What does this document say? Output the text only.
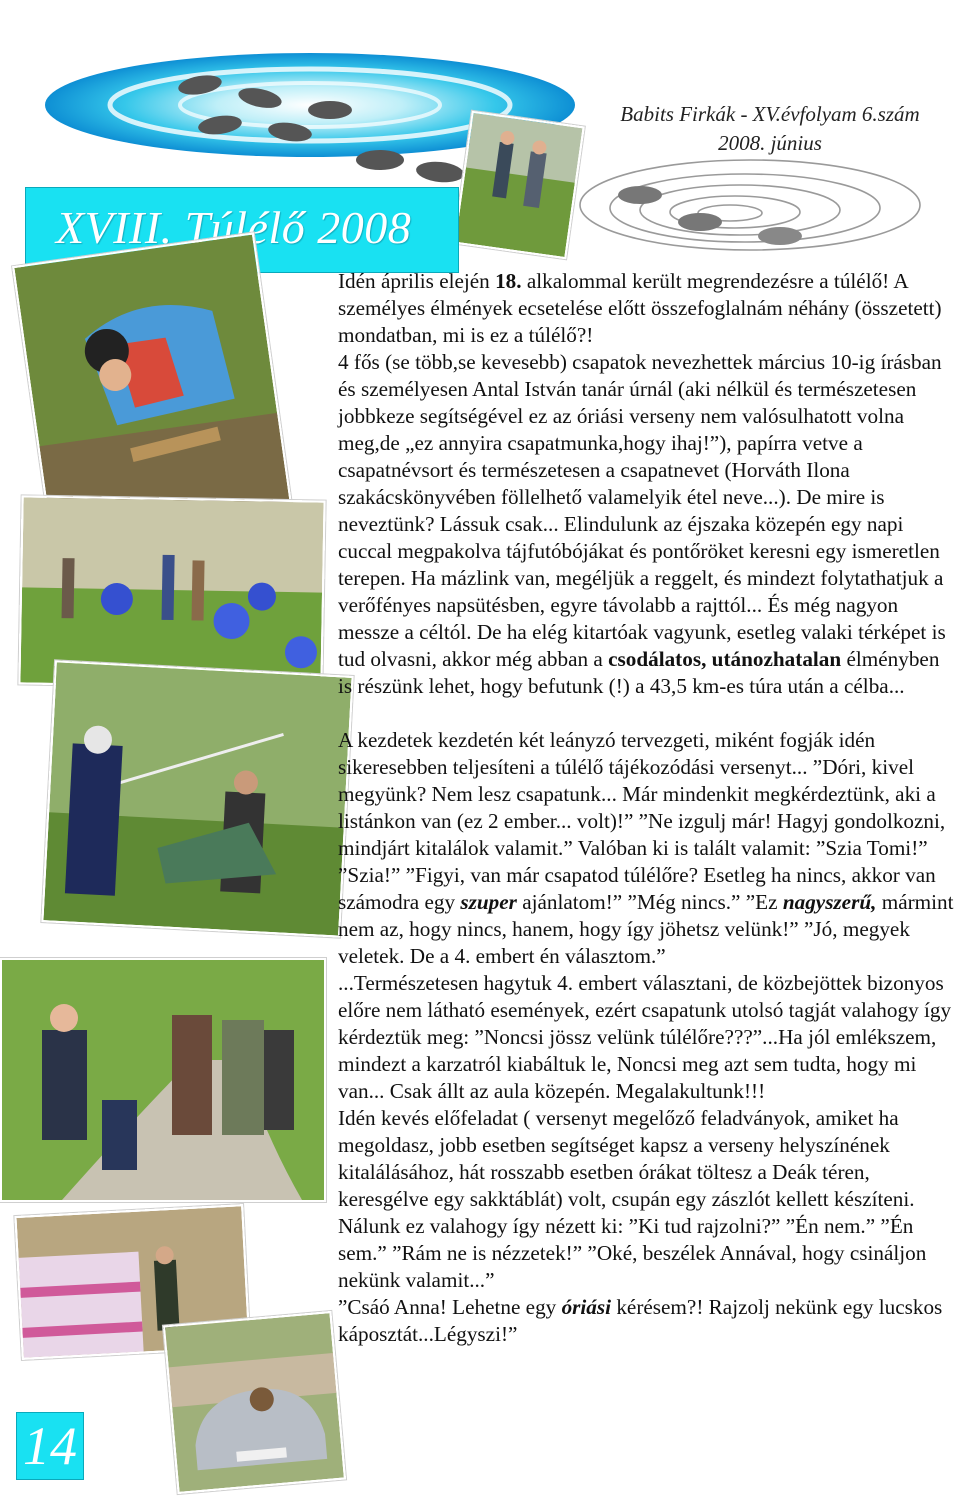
Babits Firkák - XV.évfolyam 6.szám
2008. június
XVIII. Túlélő 2008

Idén április elején 18. alkalommal került megrendezésre a túlélő! A személyes élmények ecsetelése előtt összefoglalnám néhány (összetett) mondatban, mi is ez a túlélő?!

4 fős (se több,se kevesebb) csapatok nevezhettek március 10-ig írásban és személyesen Antal István tanár úrnál (aki nélkül és természetesen jobbkeze segítségével ez az óriási verseny nem valósulhatott volna meg,de „ez annyira csapatmunka,hogy ihaj!”), papírra vetve a csapatnévsort és természetesen a csapatnevet (Horváth Ilona szakácskönyvében föllelhető valamelyik étel neve...). De mire is neveztünk? Lássuk csak... Elindulunk az éjszaka közepén egy napi cuccal megpakolva tájfutóbójákat és pontőröket keresni egy ismeretlen terepen. Ha mázlink van, megéljük a reggelt, és mindezt folytathatjuk a verőfényes napsütésben, egyre távolabb a rajttól... És még nagyon messze a céltól. De ha elég kitartóak vagyunk, esetleg valaki térképet is tud olvasni, akkor még abban a csodálatos, utánozhatalan élményben is részünk lehet, hogy befutunk (!) a 43,5 km-es túra után a célba...

A kezdetek kezdetén két leányzó tervezgeti, miként fogják idén sikeresebben teljesíteni a túlélő tájékozódási versenyt... ”Dóri, kivel megyünk? Nem lesz csapatunk... Már mindenkit megkérdeztünk, aki a listánkon van (ez 2 ember... volt)!” ”Ne izgulj már! Hagyj gondolkozni, mindjárt kitalálok valamit.” Valóban ki is talált valamit: ”Szia Tomi!” ”Szia!” ”Figyi, van már csapatod túlélőre? Esetleg ha nincs, akkor van számodra egy szuper ajánlatom!” ”Még nincs.” ”Ez nagyszerű, mármint nem az, hogy nincs, hanem, hogy így jöhetsz velünk!” ”Jó, megyek veletek. De a 4. embert én választom.”

...Természetesen hagytuk 4. embert választani, de közbejöttek bizonyos előre nem látható események, ezért csapatunk utolsó tagját valahogy így kérdeztük meg: ”Noncsi jössz velünk túlélőre???”...Ha jól emlékszem, mindezt a karzatról kiabáltuk le, Noncsi meg azt sem tudta, hogy mi van... Csak állt az aula közepén. Megalakultunk!!!

Idén kevés előfeladat ( versenyt megelőző feladványok, amiket ha megoldasz, jobb esetben segítséget kapsz a verseny helyszínének kitalálásához, hát rosszabb esetben órákat töltesz a Deák téren, keresgélve egy sakktáblát) volt, csupán egy zászlót kellett készíteni. Nálunk ez valahogy így nézett ki: ”Ki tud rajzolni?” ”Én nem.” ”Én sem.” ”Rám ne is nézzetek!” ”Oké, beszélek Annával, hogy csináljon nekünk valamit...”

”Csáó Anna! Lehetne egy óriási kérésem?! Rajzolj nekünk egy lucskos káposztát...Légyszi!”

14
